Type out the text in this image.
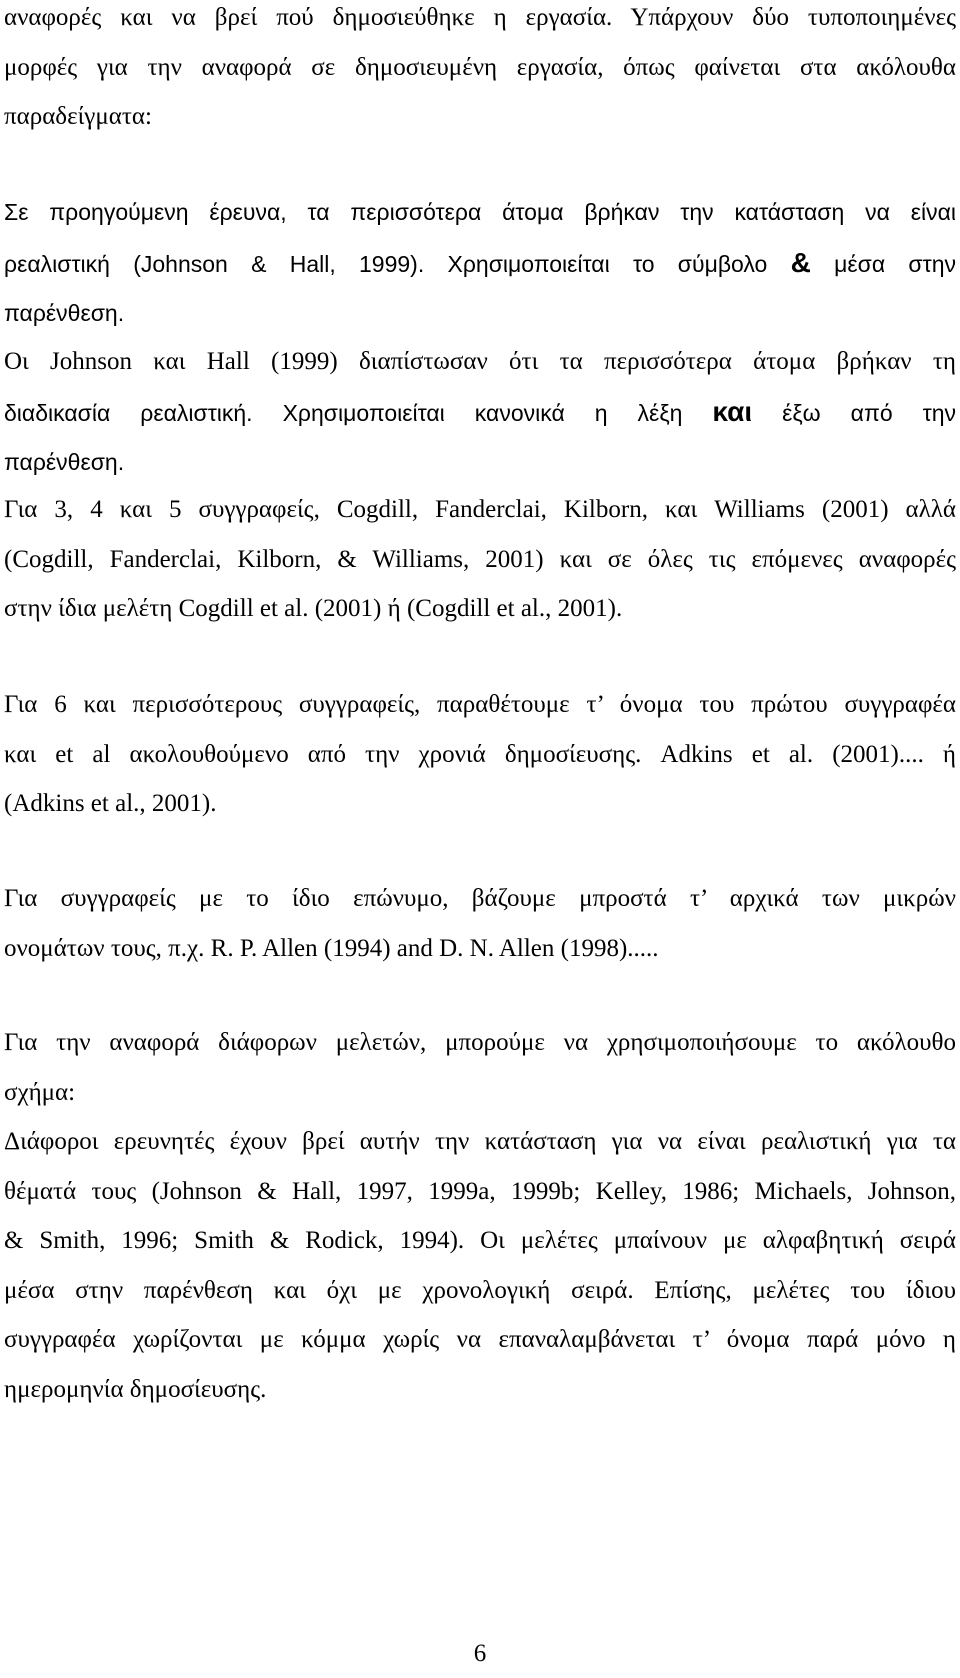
αναφορές και να βρεί πού δημοσιεύθηκε η εργασία. Υπάρχουν δύο τυποποιημένες
μορφές για την αναφορά σε δημοσιευμένη εργασία, όπως φαίνεται στα ακόλουθα
παραδείγματα:
Σε προηγούμενη έρευνα, τα περισσότερα άτομα βρήκαν την κατάσταση να είναι
ρεαλιστική (Johnson & Hall, 1999). Χρησιμοποιείται το σύμβολο & μέσα στην
παρένθεση.
Οι Johnson και Hall (1999) διαπίστωσαν ότι τα περισσότερα άτομα βρήκαν τη
διαδικασία ρεαλιστική. Χρησιμοποιείται κανονικά η λέξη και έξω από την
παρένθεση.
Για 3, 4 και 5 συγγραφείς, Cogdill, Fanderclai, Kilborn, και Williams (2001) αλλά
(Cogdill, Fanderclai, Kilborn, & Williams, 2001) και σε όλες τις επόμενες αναφορές
στην ίδια μελέτη Cogdill et al. (2001) ή (Cogdill et al., 2001).
Για 6 και περισσότερους συγγραφείς, παραθέτουμε τ’ όνομα του πρώτου συγγραφέα
και et al ακολουθούμενο από την χρονιά δημοσίευσης. Adkins et al. (2001).... ή
(Adkins et al., 2001).
Για συγγραφείς με το ίδιο επώνυμο, βάζουμε μπροστά τ’ αρχικά των μικρών
ονομάτων τους, π.χ. R. P. Allen (1994) and D. N. Allen (1998).....
Για την αναφορά διάφορων μελετών, μπορούμε να χρησιμοποιήσουμε το ακόλουθο
σχήμα:
Διάφοροι ερευνητές έχουν βρεί αυτήν την κατάσταση για να είναι ρεαλιστική για τα
θέματά τους (Johnson & Hall, 1997, 1999a, 1999b; Kelley, 1986; Michaels, Johnson,
& Smith, 1996; Smith & Rodick, 1994). Οι μελέτες μπαίνουν με αλφαβητική σειρά
μέσα στην παρένθεση και όχι με χρονολογική σειρά. Επίσης, μελέτες του ίδιου
συγγραφέα χωρίζονται με κόμμα χωρίς να επαναλαμβάνεται τ’ όνομα παρά μόνο η
ημερομηνία δημοσίευσης.
6
